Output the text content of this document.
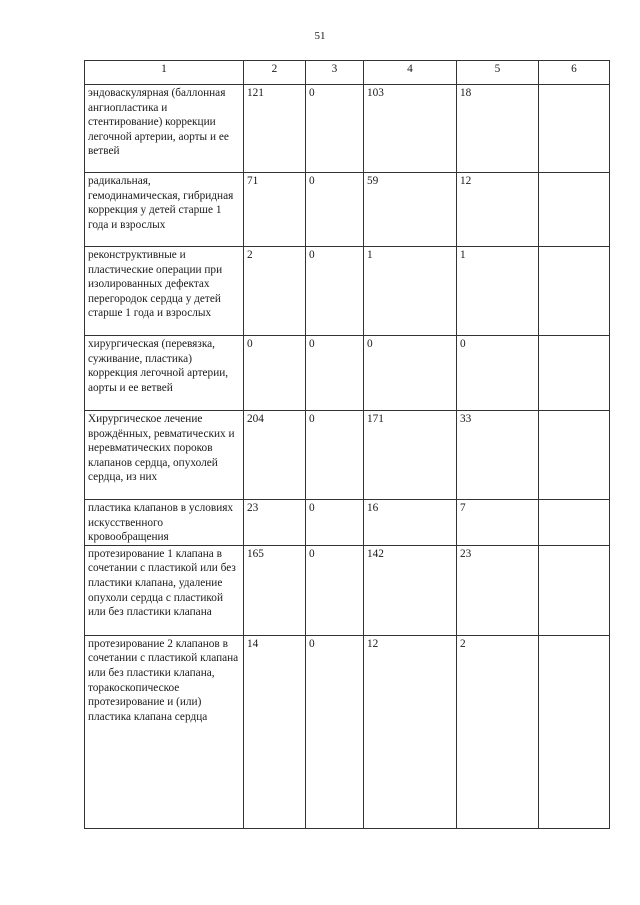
51
1	2	3	4	5	6
эндоваскулярная (баллонная ангиопластика и стентирование) коррекции легочной артерии, аорты и ее ветвей	121	0	103	18	
радикальная, гемодинамическая, гибридная коррекция у детей старше 1 года и взрослых	71	0	59	12	
реконструктивные и пластические операции при изолированных дефектах перегородок сердца у детей старше 1 года и взрослых	2	0	1	1	
хирургическая (перевязка, суживание, пластика) коррекция легочной артерии, аорты и ее ветвей	0	0	0	0	
Хирургическое лечение врождённых, ревматических и неревматических пороков клапанов сердца, опухолей сердца, из них	204	0	171	33	
пластика клапанов в условиях искусственного кровообращения	23	0	16	7	
протезирование 1 клапана в сочетании с пластикой или без пластики клапана, удаление опухоли сердца с пластикой или без пластики клапана	165	0	142	23	
протезирование 2 клапанов в сочетании с пластикой клапана или без пластики клапана, торакоскопическое протезирование и (или) пластика клапана сердца	14	0	12	2	
